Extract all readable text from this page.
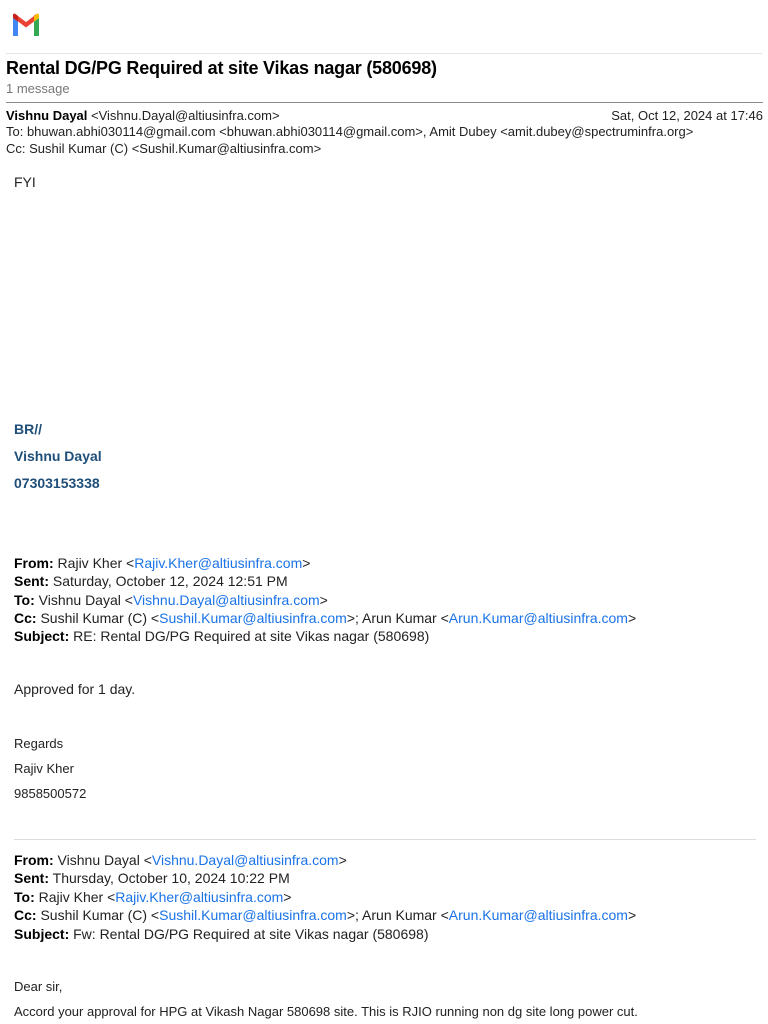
Rental DG/PG Required at site Vikas nagar (580698)
1 message
Vishnu Dayal <Vishnu.Dayal@altiusinfra.com>	Sat, Oct 12, 2024 at 17:46
To: bhuwan.abhi030114@gmail.com <bhuwan.abhi030114@gmail.com>, Amit Dubey <amit.dubey@spectruminfra.org>
Cc: Sushil Kumar (C) <Sushil.Kumar@altiusinfra.com>
FYI
BR//
Vishnu Dayal
07303153338
From: Rajiv Kher <Rajiv.Kher@altiusinfra.com>
Sent: Saturday, October 12, 2024 12:51 PM
To: Vishnu Dayal <Vishnu.Dayal@altiusinfra.com>
Cc: Sushil Kumar (C) <Sushil.Kumar@altiusinfra.com>; Arun Kumar <Arun.Kumar@altiusinfra.com>
Subject: RE: Rental DG/PG Required at site Vikas nagar (580698)
Approved for 1 day.
Regards
Rajiv Kher
9858500572
From: Vishnu Dayal <Vishnu.Dayal@altiusinfra.com>
Sent: Thursday, October 10, 2024 10:22 PM
To: Rajiv Kher <Rajiv.Kher@altiusinfra.com>
Cc: Sushil Kumar (C) <Sushil.Kumar@altiusinfra.com>; Arun Kumar <Arun.Kumar@altiusinfra.com>
Subject: Fw: Rental DG/PG Required at site Vikas nagar (580698)
Dear sir,
Accord your approval for HPG at Vikash Nagar 580698 site. This is RJIO running non dg site long power cut.
